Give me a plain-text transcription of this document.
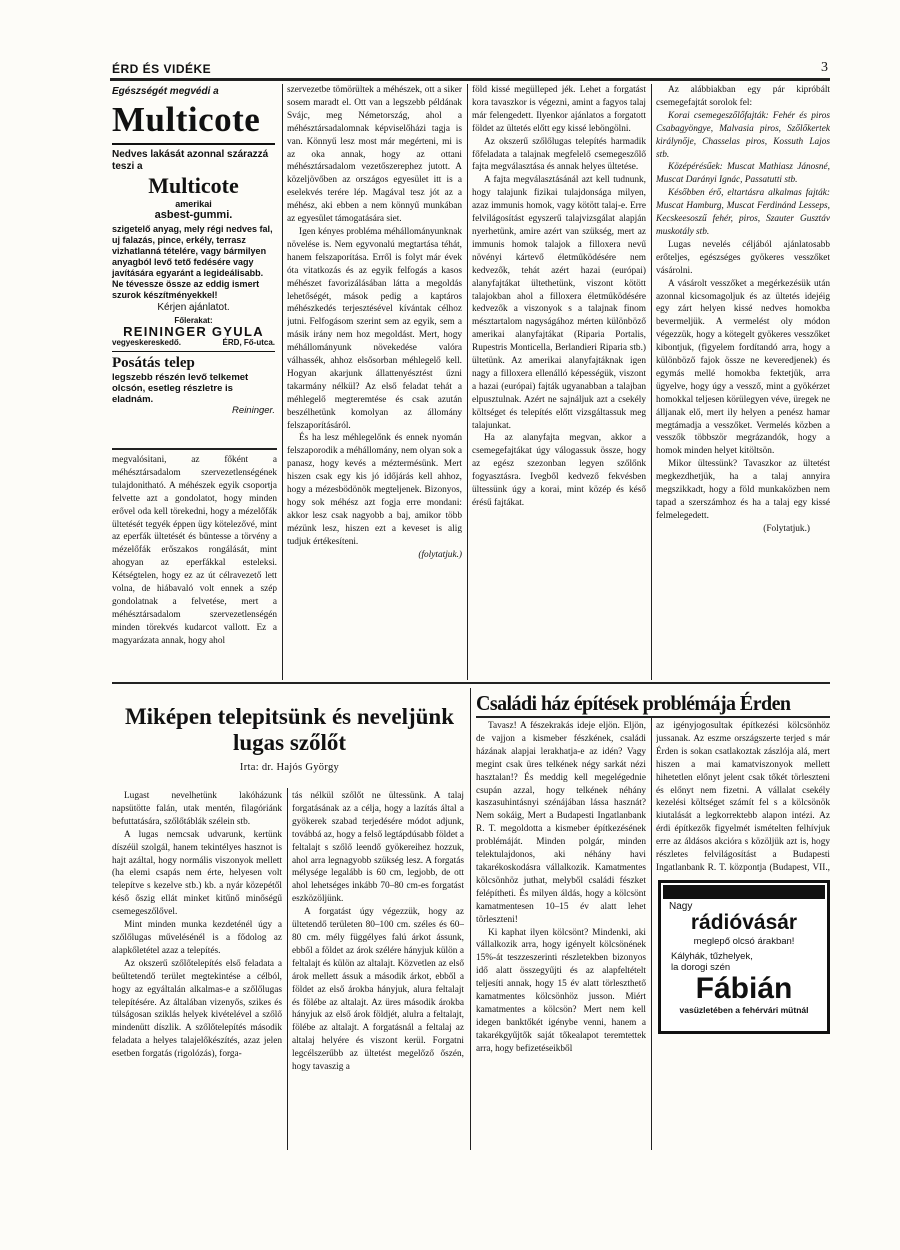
ÉRD ÉS VIDÉKE	3
Egészségét megvédi a
Multicote
Nedves lakását azonnal szárazzá teszi a
Multicote
amerikai
asbest-gummi.
szigetelő anyag, mely régi nedves fal, uj falazás, pince, erkély, terrasz vizhatlanná tételére, vagy bármilyen anyagból levő tető fedésére vagy javítására egyaránt a legideálisabb.
Ne tévessze össze az eddig ismert szurok készítményekkel!
Kérjen ajánlatot.
Főlerakat:
REININGER GYULA
vegyeskereskedő.	ÉRD, Fő-utca.
Posátás telep
legszebb részén levő telkemet olcsón, esetleg részletre is eladnám.
Reininger.

megvalósitani, az főként a méhésztársadalom szervezetlenségének tulajdonitható. A méhészek egyik csoportja felvette azt a gondolatot, hogy minden erővel oda kell törekedni, hogy a mézelőfák ültetését tegyék éppen ügy kötelezővé, mint az eperfák ültetését és büntesse a törvény a mézelőfák erőszakos rongálását, mint ahogyan az eperfákkal esteleksi. Kétségtelen, hogy ez az út célravezető lett volna, de hiábavaló volt ennek a szép gondolatnak a felvetése, mert a méhésztársadalom szervezetlenségén minden törekvés kudarcot vallott. Ez a magyarázata annak, hogy ahol

szervezetbe tömörültek a méhészek, ott a siker sosem maradt el. Ott van a legszebb példának Svájc, meg Németország, ahol a méhésztársadalomnak képviselőházi tagja is van. Könnyű lesz most már megérteni, mi is az oka annak, hogy az ottani méhésztársadalom vezetőszerephez jutott. A közeljövőben az országos egyesület itt is a eselekvés terére lép. Magával tesz jót az a méhész, aki ebben a nem könnyű munkában az egyesület támogatására siet.

Igen kényes probléma méhállományunknak növelése is. Nem egyvonalú megtartása téhát, hanem felszaporítása. Erről is folyt már évek óta vitatkozás és az egyik felfogás a kasos méhészet favorizálásában látta a megoldás lehetőségét, mások pedig a kaptáros méhészkedés terjesztésével kívántak célhoz jutni. Felfogásom szerint sem az egyik, sem a másik irány nem hoz megoldást. Mert, hogy méhállományunk növekedése valóra válhassék, ahhoz elsősorban méhlegelő kell. Hogyan akarjunk állattenyésztést űzni takarmány nélkül? Az első feladat tehát a méhlegelő megteremtése és csak azután beszélhetünk komolyan az állomány felszaporításáról.

És ha lesz méhlegelőnk és ennek nyomán felszaporodik a méhállomány, nem olyan sok a panasz, hogy kevés a méztermésünk. Mert hiszen csak egy kis jó időjárás kell ahhoz, hogy a mézesbödönök megteljenek. Bizonyos, hogy sok méhész azt fogja erre mondani: akkor lesz csak nagyobb a baj, amikor több mézünk lesz, hiszen ezt a keveset is alig tudjuk értékesíteni.

(folytatjuk.)

föld kissé megülleped jék. Lehet a forgatást kora tavaszkor is végezni, amint a fagyos talaj már felengedett. Ilyenkor ajánlatos a forgatott földet az ültetés előtt egy kissé leböngölni.

Az okszerű szőlőlugas telepítés harmadik főfeladata a talajnak megfelelő csemegeszőlő fajta megválasztása és annak helyes ültetése.

A fajta megválasztásánál azt kell tudnunk, hogy talajunk fizikai tulajdonsága milyen, azaz immunis homok, vagy kötött talaj-e. Erre felvilágosítást egyszerű talajvizsgálat alapján nyerhetünk, amire azért van szükség, mert az immunis homok talajok a filloxera nevű növényi kártevő életműködésére nem kedvezők, tehát azért hazai (európai) alanyfajtákat ültethetünk, viszont kötött talajokban ahol a filloxera életműködésére kedvezők a viszonyok s a talajnak finom mésztartalom nagyságához mérten különböző amerikai alanyfajtákat (Riparia Portalis, Rupestris Monticella, Berlandieri Riparia stb.) ültetünk. Az amerikai alanyfajtáknak igen nagy a filloxera ellenálló képességük, viszont a hazai (európai) fajták ugyanabban a talajban elpusztulnak. Azért ne sajnáljuk azt a csekély költséget és telepítés előtt vizsgáltassuk meg talajunkat.

Ha az alanyfajta megvan, akkor a csemegefajtákat úgy válogassuk össze, hogy az egész szezonban legyen szőlőnk fogyasztásra. Ivegből kedvező fekvésben ültessünk úgy a korai, mint közép és késő érésű fajtákat.

Az alábbiakban egy pár kipróbált csemegefajtát sorolok fel:

Korai csemegeszőlőfajták: Fehér és piros Csabagyöngye, Malvasia piros, Szőlőkertek királynője, Chasselas piros, Kossuth Lajos stb.

Középérésűek: Muscat Mathiasz Jánosné, Muscat Darányi Ignác, Passatutti stb.

Későbben érő, eltartásra alkalmas fajták: Muscat Hamburg, Muscat Ferdinánd Lesseps, Kecskeesoszű fehér, piros, Szauter Gusztáv muskotály stb.

Lugas nevelés céljából ajánlatosabb erőteljes, egészséges gyökeres vesszőket vásárolni.

A vásárolt vesszőket a megérkezésük után azonnal kicsomagoljuk és az ültetés idejéig egy zárt helyen kissé nedves homokba bevermeljük. A vermelést oly módon végezzük, hogy a kötegelt gyökeres vesszőket kibontjuk, (figyelem fordítandó arra, hogy a különböző fajok össze ne keveredjenek) és egymás mellé homokba fektetjük, arra ügyelve, hogy úgy a vessző, mint a gyökérzet homokkal teljesen körülegyen véve, üregek ne álljanak elő, mert ily helyen a penész hamar megtámadja a vesszőket. Vermelés közben a vesszők többször megrázandók, hogy a homok minden helyet kitöltsön.

Mikor ültessünk? Tavaszkor az ültetést megkezdhetjük, ha a talaj annyira megszikkadt, hogy a föld munkaközben nem tapad a szerszámhoz és ha a talaj egy kissé felmelegedett.

(Folytatjuk.)

Miképen telepitsünk és neveljünk
lugas szőlőt
Irta: dr. Hajós György

Lugast nevelhetünk lakóházunk napsütötte falán, utak mentén, filagóriánk befuttatására, szőlőtáblák szélein stb.

A lugas nemcsak udvarunk, kertünk díszéül szolgál, hanem tekintélyes hasznot is hajt azáltal, hogy normális viszonyok mellett (ha elemi csapás nem érte, helyesen volt telepítve s kezelve stb.) kb. a nyár közepétől késő őszig ellát minket kitűnő minőségű csemegeszőlővel.

Mint minden munka kezdeténél úgy a szőlőlugas művelésénél is a fődolog az alapkőletétel azaz a telepítés.

Az okszerű szőlőtelepítés első feladata a beültetendő terület megtekintése a célból, hogy az egyáltalán alkalmas-e a szőlőlugas telepítésére. Az általában vizenyős, szikes és túlságosan sziklás helyek kivételével a szőlő mindenütt díszlik. A szőlőtelepítés második feladata a helyes talajelőkészítés, azaz jelen esetben forgatás (rigolózás), forga-

tás nélkül szőlőt ne ültessünk. A talaj forgatásának az a célja, hogy a lazítás által a gyökerek szabad terjedésére módot adjunk, továbbá az, hogy a felső legtápdúsabb földet a feltalajt s szőlő leendő gyökereihez hozzuk, ahol arra legnagyobb szükség lesz. A forgatás mélysége legalább is 60 cm, legjobb, de ott ahol lehetséges inkább 70–80 cm-es forgatást eszközöljünk.

A forgatást úgy végezzük, hogy az ültetendő területen 80–100 cm. széles és 60–80 cm. mély függélyes falú árkot ássunk, ebből a földet az árok szélére hányjuk külön a feltalajt és külön az altalajt. Közvetlen az első árok mellett ássuk a második árkot, ebből a földet az első árokba hányjuk, alura feltalajt és fölébe az altalajt. Az üres második árokba hányjuk az első árok földjét, alulra a feltalajt, fölébe az altalajt. A forgatásnál a feltalaj az altalaj helyére és viszont kerül. Forgatni legcélszerűbb az ültetést megelőző őszén, hogy tavaszig a

Családi ház építések problémája Érden

Tavasz! A fészekrakás ideje eljön. Eljön, de vajjon a kismeber fészkének, családi házának alapjai lerakhatja-e az idén? Vagy megint csak üres telkének négy sarkát nézi hasztalan!? És meddig kell megelégednie csupán azzal, hogy telkének néhány kaszasuhintásnyi szénájában lássa hasznát? Nem sokáig, Mert a Budapesti Ingatlanbank R. T. megoldotta a kismeber építkezésének problémáját. Minden polgár, minden telektulajdonos, aki néhány havi takarékoskodásra vállalkozik. Kamatmentes kölcsönhöz juthat, melyből családi fészket felépítheti. És milyen áldás, hogy a kölcsönt kamatmentesen 10–15 év alatt lehet törleszteni!

Ki kaphat ilyen kölcsönt? Mindenki, aki vállalkozik arra, hogy igényelt kölcsönének 15%-át teszzeszerinti részletekben bizonyos idő alatt összegyűjti és az alapfeltételt teljesíti annak, hogy 15 év alatt törleszthető kamatmentes kölcsönhöz jusson. Miért kamatmentes a kölcsön? Mert nem kell idegen banktőkét igénybe venni, hanem a takarékgyűjtők saját tőkealapot teremtettek arra, hogy befizetéseikből

az igényjogosultak építkezési kölcsönhöz jussanak. Az eszme országszerte terjed s már Érden is sokan csatlakoztak zászlója alá, mert hiszen a mai kamatviszonyok mellett hihetetlen előnyt jelent csak tőkét törleszteni és előnyt nem fizetni. A vállalat csekély kezelési költséget számít fel s a kölcsönök kiutalását a legkorrektebb alapon intézi. Az érdi építkezők figyelmét ismételten felhívjuk erre az áldásos akcióra s közöljük azt is, hogy részletes felvilágosítást a Budapesti Ingatlanbank R. T. központja (Budapest, VII.,

Nagy
rádióvásár
meglepő olcsó árakban!
Kályhák, tűzhelyek,
la dorogi szén
Fábián
vasüzletében a fehérvári mütnál
